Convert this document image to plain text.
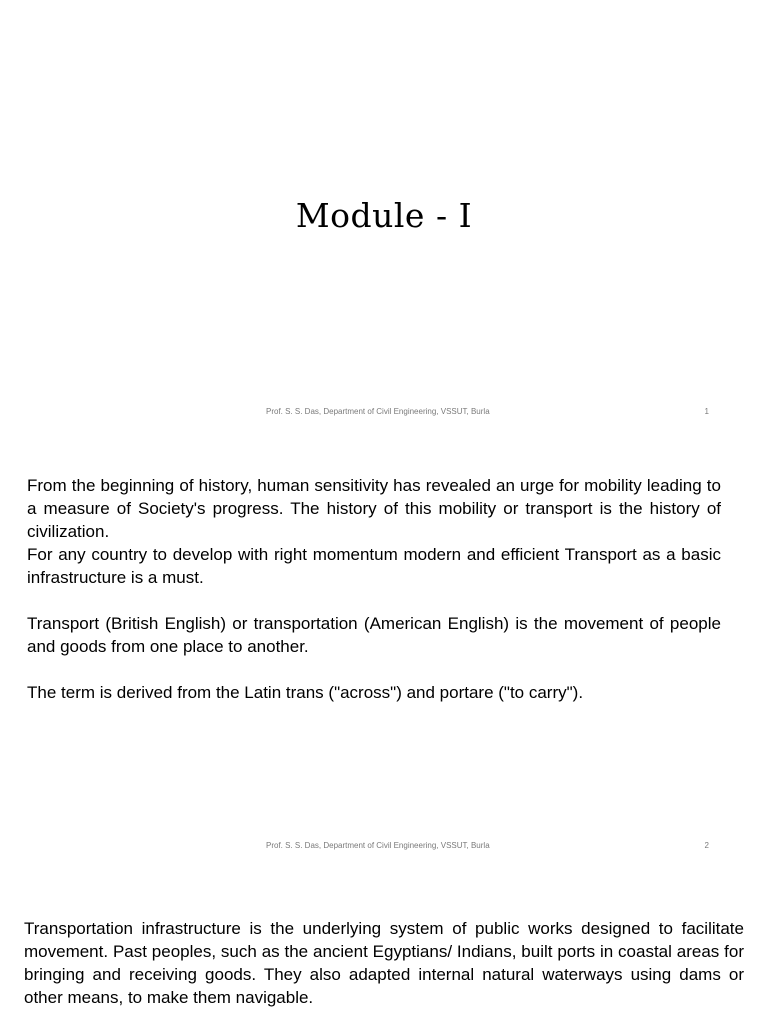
Module - I
Prof. S. S. Das, Department of Civil Engineering, VSSUT, Burla	1

From the beginning of history, human sensitivity has revealed an urge for mobility leading to a measure of Society's progress. The history of this mobility or transport is the history of civilization.

For any country to develop with right momentum modern and efficient Transport as a basic infrastructure is a must.

Transport (British English) or transportation (American English) is the movement of people and goods from one place to another.

The term is derived from the Latin trans ("across") and portare ("to carry").

Prof. S. S. Das, Department of Civil Engineering, VSSUT, Burla	2

Transportation infrastructure is the underlying system of public works designed to facilitate movement. Past peoples, such as the ancient Egyptians/ Indians, built ports in coastal areas for bringing and receiving goods. They also adapted internal natural waterways using dams or other means, to make them navigable.
